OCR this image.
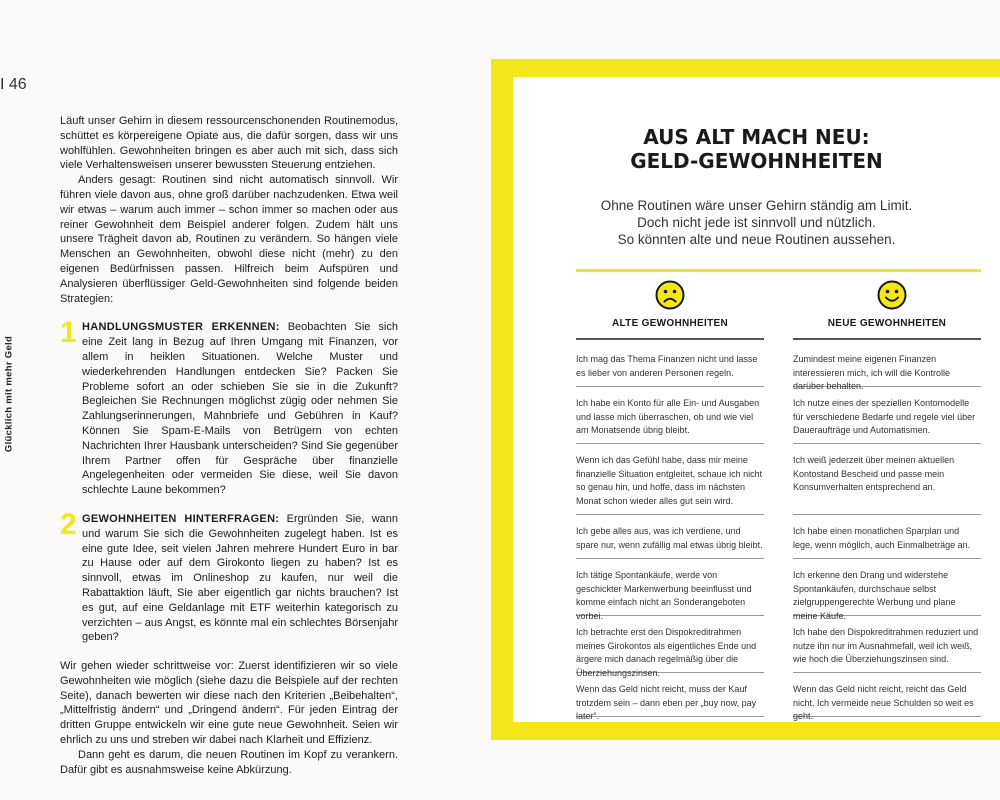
I 46
Glücklich mit mehr Geld

Läuft unser Gehirn in diesem ressourcenschonenden Routinemodus, schüttet es körpereigene Opiate aus, die dafür sorgen, dass wir uns wohlfühlen. Gewohnheiten bringen es aber auch mit sich, dass sich viele Verhaltensweisen unserer bewussten Steuerung entziehen.

Anders gesagt: Routinen sind nicht automatisch sinnvoll. Wir führen viele davon aus, ohne groß darüber nachzudenken. Etwa weil wir etwas – warum auch immer – schon immer so machen oder aus reiner Gewohnheit dem Beispiel anderer folgen. Zudem hält uns unsere Trägheit davon ab, Routinen zu verändern. So hängen viele Menschen an Gewohnheiten, obwohl diese nicht (mehr) zu den eigenen Bedürfnissen passen. Hilfreich beim Aufspüren und Analysieren überflüssiger Geld-Gewohnheiten sind folgende beiden Strategien:

1 HANDLUNGSMUSTER ERKENNEN: Beobachten Sie sich eine Zeit lang in Bezug auf Ihren Umgang mit Finanzen, vor allem in heiklen Situationen. Welche Muster und wiederkehrenden Handlungen entdecken Sie? Packen Sie Probleme sofort an oder schieben Sie sie in die Zukunft? Begleichen Sie Rechnungen möglichst zügig oder nehmen Sie Zahlungserinnerungen, Mahnbriefe und Gebühren in Kauf? Können Sie Spam-E-Mails von Betrügern von echten Nachrichten Ihrer Hausbank unterscheiden? Sind Sie gegenüber Ihrem Partner offen für Gespräche über finanzielle Angelegenheiten oder vermeiden Sie diese, weil Sie davon schlechte Laune bekommen?

2 GEWOHNHEITEN HINTERFRAGEN: Ergründen Sie, wann und warum Sie sich die Gewohnheiten zugelegt haben. Ist es eine gute Idee, seit vielen Jahren mehrere Hundert Euro in bar zu Hause oder auf dem Girokonto liegen zu haben? Ist es sinnvoll, etwas im Onlineshop zu kaufen, nur weil die Rabattaktion läuft, Sie aber eigentlich gar nichts brauchen? Ist es gut, auf eine Geldanlage mit ETF weiterhin kategorisch zu verzichten – aus Angst, es könnte mal ein schlechtes Börsenjahr geben?

Wir gehen wieder schrittweise vor: Zuerst identifizieren wir so viele Gewohnheiten wie möglich (siehe dazu die Beispiele auf der rechten Seite), danach bewerten wir diese nach den Kriterien „Beibehalten“, „Mittelfristig ändern“ und „Dringend ändern“. Für jeden Eintrag der dritten Gruppe entwickeln wir eine gute neue Gewohnheit. Seien wir ehrlich zu uns und streben wir dabei nach Klarheit und Effizienz.

Dann geht es darum, die neuen Routinen im Kopf zu verankern. Dafür gibt es ausnahmsweise keine Abkürzung.

AUS ALT MACH NEU:
GELD-GEWOHNHEITEN
Ohne Routinen wäre unser Gehirn ständig am Limit.
Doch nicht jede ist sinnvoll und nützlich.
So könnten alte und neue Routinen aussehen.
ALTE GEWOHNHEITEN	NEUE GEWOHNHEITEN
Ich mag das Thema Finanzen nicht und lasse es lieber von anderen Personen regeln.
Zumindest meine eigenen Finanzen interessieren mich, ich will die Kontrolle darüber behalten.
Ich habe ein Konto für alle Ein- und Ausgaben und lasse mich überraschen, ob und wie viel am Monatsende übrig bleibt.
Ich nutze eines der speziellen Kontomodelle für verschiedene Bedarfe und regele viel über Daueraufträge und Automatismen.
Wenn ich das Gefühl habe, dass mir meine finanzielle Situation entgleitet, schaue ich nicht so genau hin, und hoffe, dass im nächsten Monat schon wieder alles gut sein wird.
Ich weiß jederzeit über meinen aktuellen Kontostand Bescheid und passe mein Konsumverhalten entsprechend an.
Ich gebe alles aus, was ich verdiene, und spare nur, wenn zufällig mal etwas übrig bleibt.
Ich habe einen monatlichen Sparplan und lege, wenn möglich, auch Einmalbeträge an.
Ich tätige Spontankäufe, werde von geschickter Markenwerbung beeinflusst und komme einfach nicht an Sonderangeboten vorbei.
Ich erkenne den Drang und widerstehe Spontankäufen, durchschaue selbst zielgruppengerechte Werbung und plane meine Käufe.
Ich betrachte erst den Dispokreditrahmen meines Girokontos als eigentliches Ende und ärgere mich danach regelmäßig über die Überziehungszinsen.
Ich habe den Dispokreditrahmen reduziert und nutze ihn nur im Ausnahmefall, weil ich weiß, wie hoch die Überziehungszinsen sind.
Wenn das Geld nicht reicht, muss der Kauf trotzdem sein – dann eben per „buy now, pay later“.
Wenn das Geld nicht reicht, reicht das Geld nicht. Ich vermeide neue Schulden so weit es geht.
